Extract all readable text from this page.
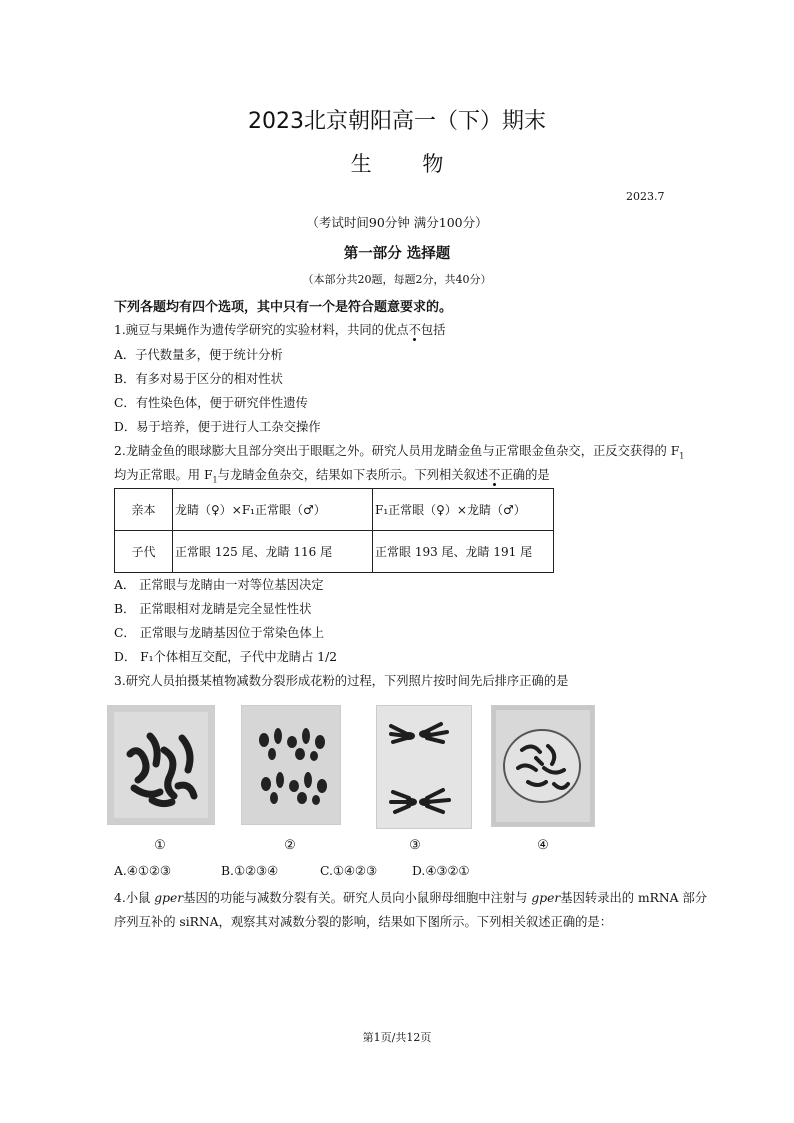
2023北京朝阳高一（下）期末
生 物
2023.7
（考试时间90分钟 满分100分）
第一部分 选择题
（本部分共20题，每题2分，共40分）
下列各题均有四个选项，其中只有一个是符合题意要求的。
1.豌豆与果蝇作为遗传学研究的实验材料，共同的优点不包括
A．子代数量多，便于统计分析
B．有多对易于区分的相对性状
C．有性染色体，便于研究伴性遗传
D．易于培养，便于进行人工杂交操作
2.龙睛金鱼的眼球膨大且部分突出于眼眶之外。研究人员用龙睛金鱼与正常眼金鱼杂交，正反交获得的 $F_1$
均为正常眼。用 $F_1$与龙睛金鱼杂交，结果如下表所示。下列相关叙述不正确的是
亲本	龙睛（♀）×F₁正常眼（♂）	F₁正常眼（♀）×龙睛（♂）
子代	正常眼 125 尾、龙睛 116 尾	正常眼 193 尾、龙睛 191 尾
A． 正常眼与龙睛由一对等位基因决定
B． 正常眼相对龙睛是完全显性性状
C． 正常眼与龙睛基因位于常染色体上
D． F₁个体相互交配，子代中龙睛占 1/2
3.研究人员拍摄某植物减数分裂形成花粉的过程，下列照片按时间先后排序正确的是
①	②	③	④
A.④①②③	B.①②③④	C.①④②③	D.④③②①
4.小鼠 gper基因的功能与减数分裂有关。研究人员向小鼠卵母细胞中注射与 gper基因转录出的 mRNA 部分
序列互补的 siRNA，观察其对减数分裂的影响，结果如下图所示。下列相关叙述正确的是：
第1页/共12页
